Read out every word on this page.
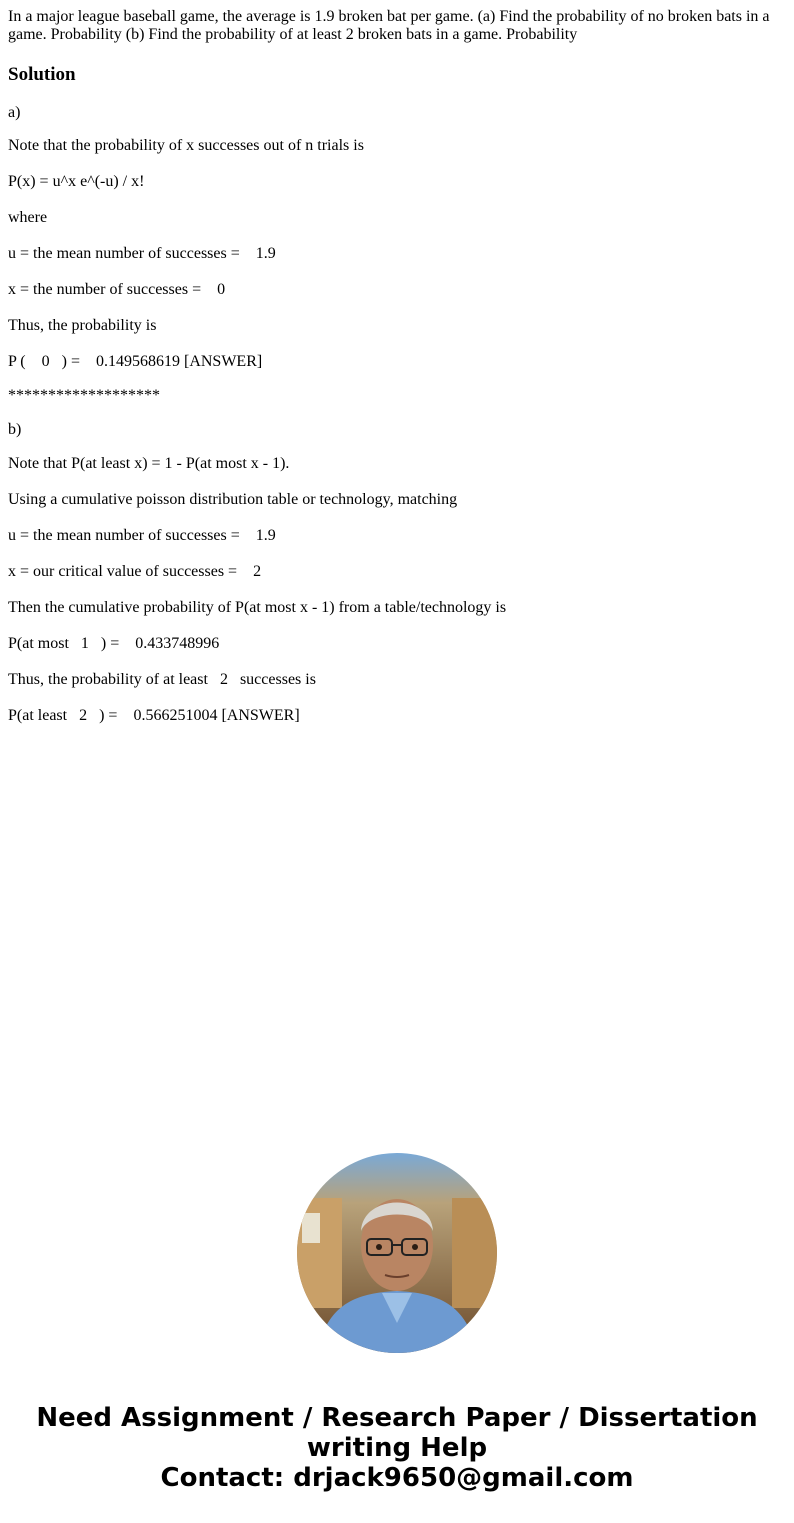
In a major league baseball game, the average is 1.9 broken bat per game. (a) Find the probability of no broken bats in a game. Probability (b) Find the probability of at least 2 broken bats in a game. Probability

Solution

a)

Note that the probability of x successes out of n trials is

P(x) = u^x e^(-u) / x!

where

u = the mean number of successes =    1.9

x = the number of successes =    0

Thus, the probability is

P (    0   ) =    0.149568619 [ANSWER]

*******************

b)

Note that P(at least x) = 1 - P(at most x - 1).

Using a cumulative poisson distribution table or technology, matching

u = the mean number of successes =    1.9

x = our critical value of successes =    2

Then the cumulative probability of P(at most x - 1) from a table/technology is

P(at most   1   ) =    0.433748996

Thus, the probability of at least   2   successes is

P(at least   2   ) =    0.566251004 [ANSWER]

Need Assignment / Research Paper / Dissertation
writing Help
Contact: drjack9650@gmail.com
